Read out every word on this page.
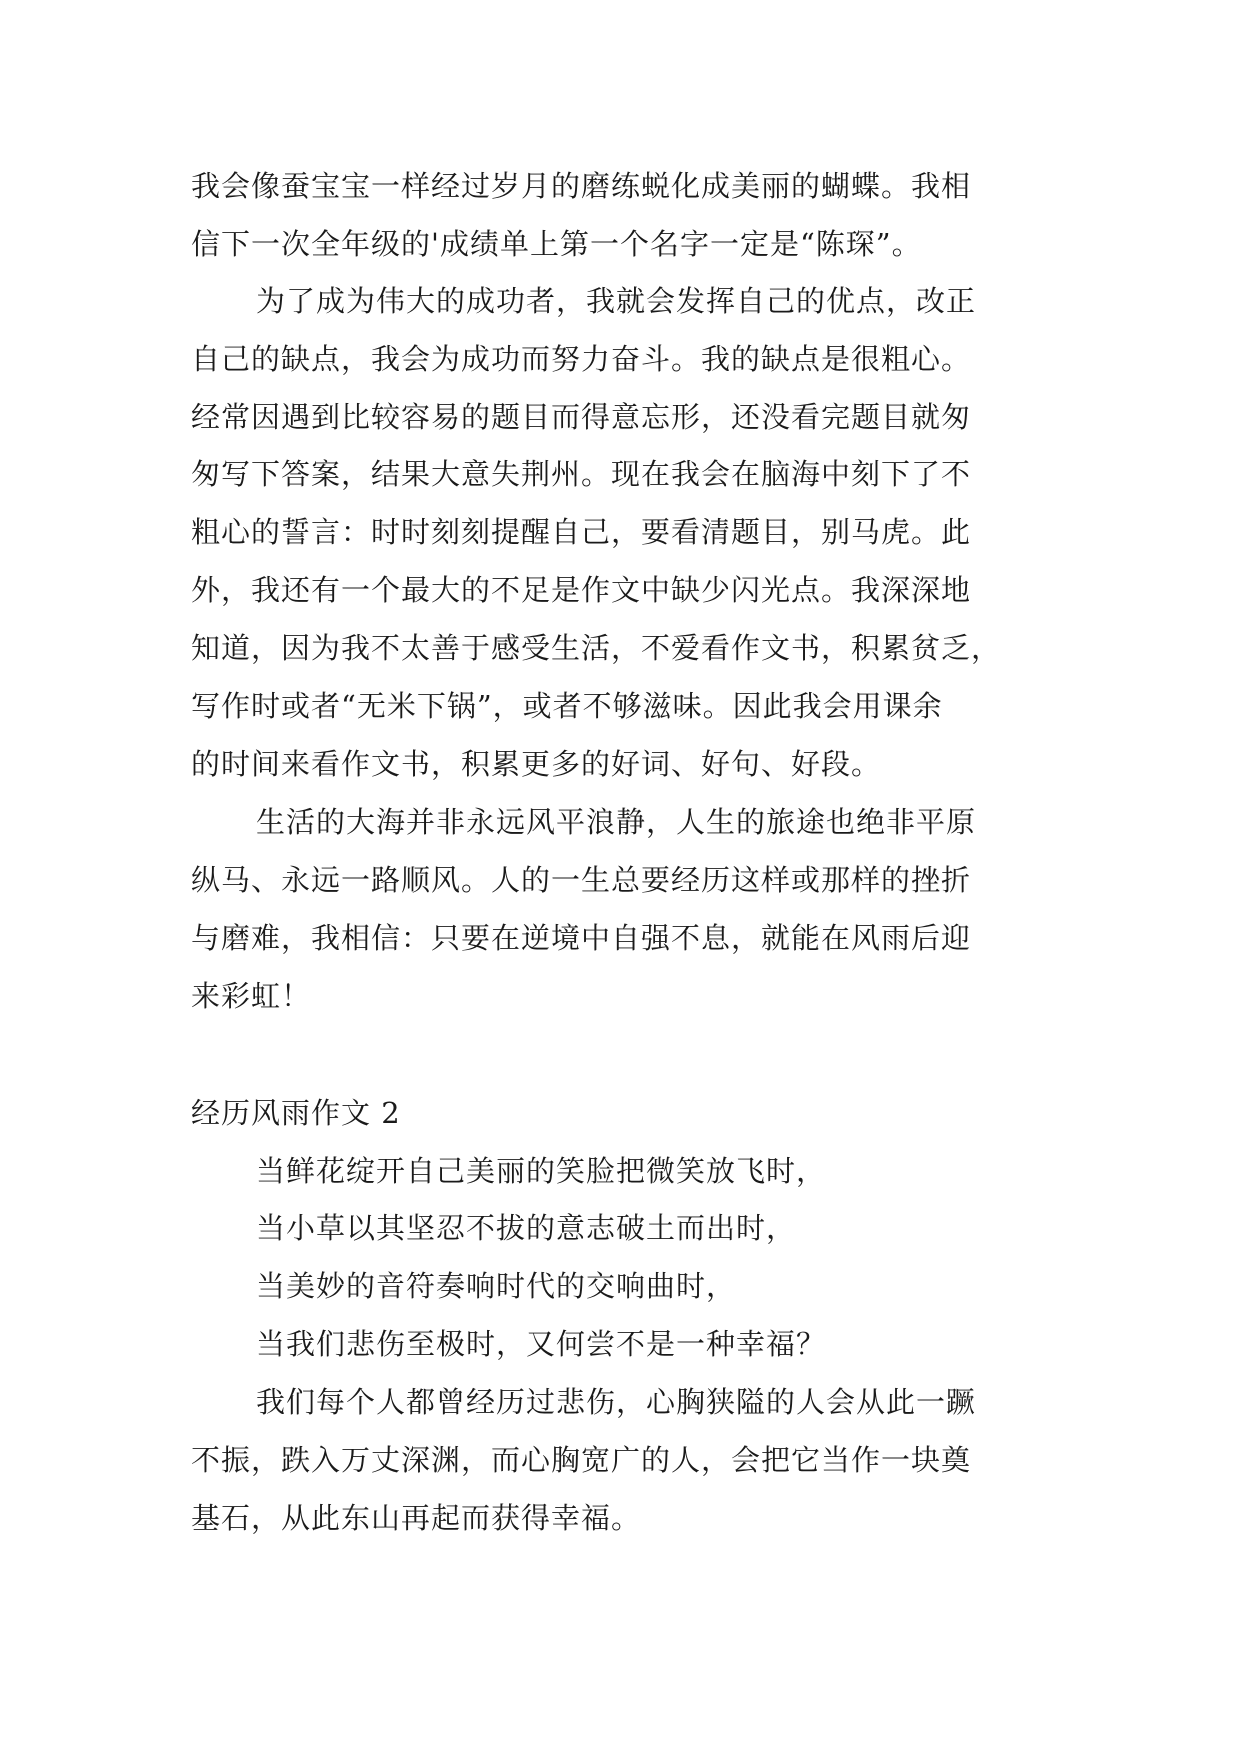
我会像蚕宝宝一样经过岁月的磨练蜕化成美丽的蝴蝶。我相
信下一次全年级的'成绩单上第一个名字一定是“陈琛”。
为了成为伟大的成功者，我就会发挥自己的优点，改正
自己的缺点，我会为成功而努力奋斗。我的缺点是很粗心。
经常因遇到比较容易的题目而得意忘形，还没看完题目就匆
匆写下答案，结果大意失荆州。现在我会在脑海中刻下了不
粗心的誓言：时时刻刻提醒自己，要看清题目，别马虎。此
外，我还有一个最大的不足是作文中缺少闪光点。我深深地
知道，因为我不太善于感受生活，不爱看作文书，积累贫乏，
写作时或者“无米下锅”，或者不够滋味。因此我会用课余
的时间来看作文书，积累更多的好词、好句、好段。
生活的大海并非永远风平浪静，人生的旅途也绝非平原
纵马、永远一路顺风。人的一生总要经历这样或那样的挫折
与磨难，我相信：只要在逆境中自强不息，就能在风雨后迎
来彩虹！
经历风雨作文 2
当鲜花绽开自己美丽的笑脸把微笑放飞时，
当小草以其坚忍不拔的意志破土而出时，
当美妙的音符奏响时代的交响曲时，
当我们悲伤至极时，又何尝不是一种幸福？
我们每个人都曾经历过悲伤，心胸狭隘的人会从此一蹶
不振，跌入万丈深渊，而心胸宽广的人，会把它当作一块奠
基石，从此东山再起而获得幸福。
